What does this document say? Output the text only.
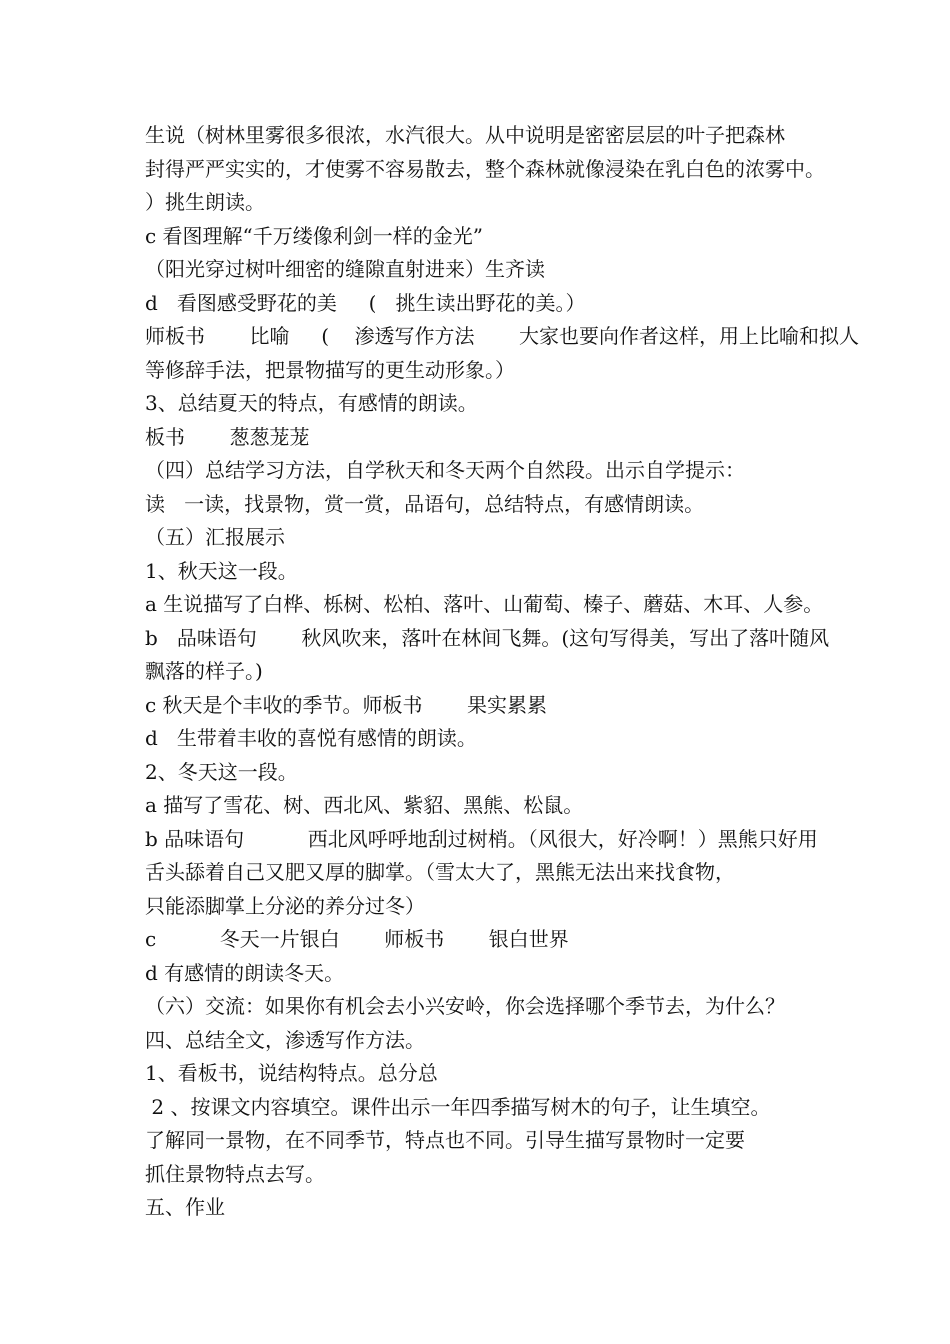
生说（树林里雾很多很浓，水汽很大。从中说明是密密层层的叶子把森林
封得严严实实的，才使雾不容易散去，整个森林就像浸染在乳白色的浓雾中。
）挑生朗读。
c 看图理解“千万缕像利剑一样的金光”
（阳光穿过树叶细密的缝隙直射进来）生齐读
d   看图感受野花的美     (   挑生读出野花的美。）
师板书       比喻     (    渗透写作方法       大家也要向作者这样，用上比喻和拟人
等修辞手法，把景物描写的更生动形象。）
3、总结夏天的特点，有感情的朗读。
板书       葱葱茏茏
（四）总结学习方法，自学秋天和冬天两个自然段。出示自学提示：
读   一读，找景物，赏一赏，品语句，总结特点，有感情朗读。
（五）汇报展示
1、秋天这一段。
a 生说描写了白桦、栎树、松柏、落叶、山葡萄、榛子、蘑菇、木耳、人参。
b   品味语句       秋风吹来，落叶在林间飞舞。(这句写得美，写出了落叶随风
飘落的样子。)
c 秋天是个丰收的季节。师板书       果实累累
d   生带着丰收的喜悦有感情的朗读。
2、冬天这一段。
a 描写了雪花、树、西北风、紫貂、黑熊、松鼠。
b 品味语句          西北风呼呼地刮过树梢。（风很大，好冷啊！）黑熊只好用
舌头舔着自己又肥又厚的脚掌。（雪太大了，黑熊无法出来找食物，
只能添脚掌上分泌的养分过冬）
c          冬天一片银白       师板书       银白世界
d 有感情的朗读冬天。
（六）交流：如果你有机会去小兴安岭，你会选择哪个季节去，为什么？
四、总结全文，渗透写作方法。
1、看板书，说结构特点。总分总
2 、按课文内容填空。课件出示一年四季描写树木的句子，让生填空。
了解同一景物，在不同季节，特点也不同。引导生描写景物时一定要
抓住景物特点去写。
五、作业
